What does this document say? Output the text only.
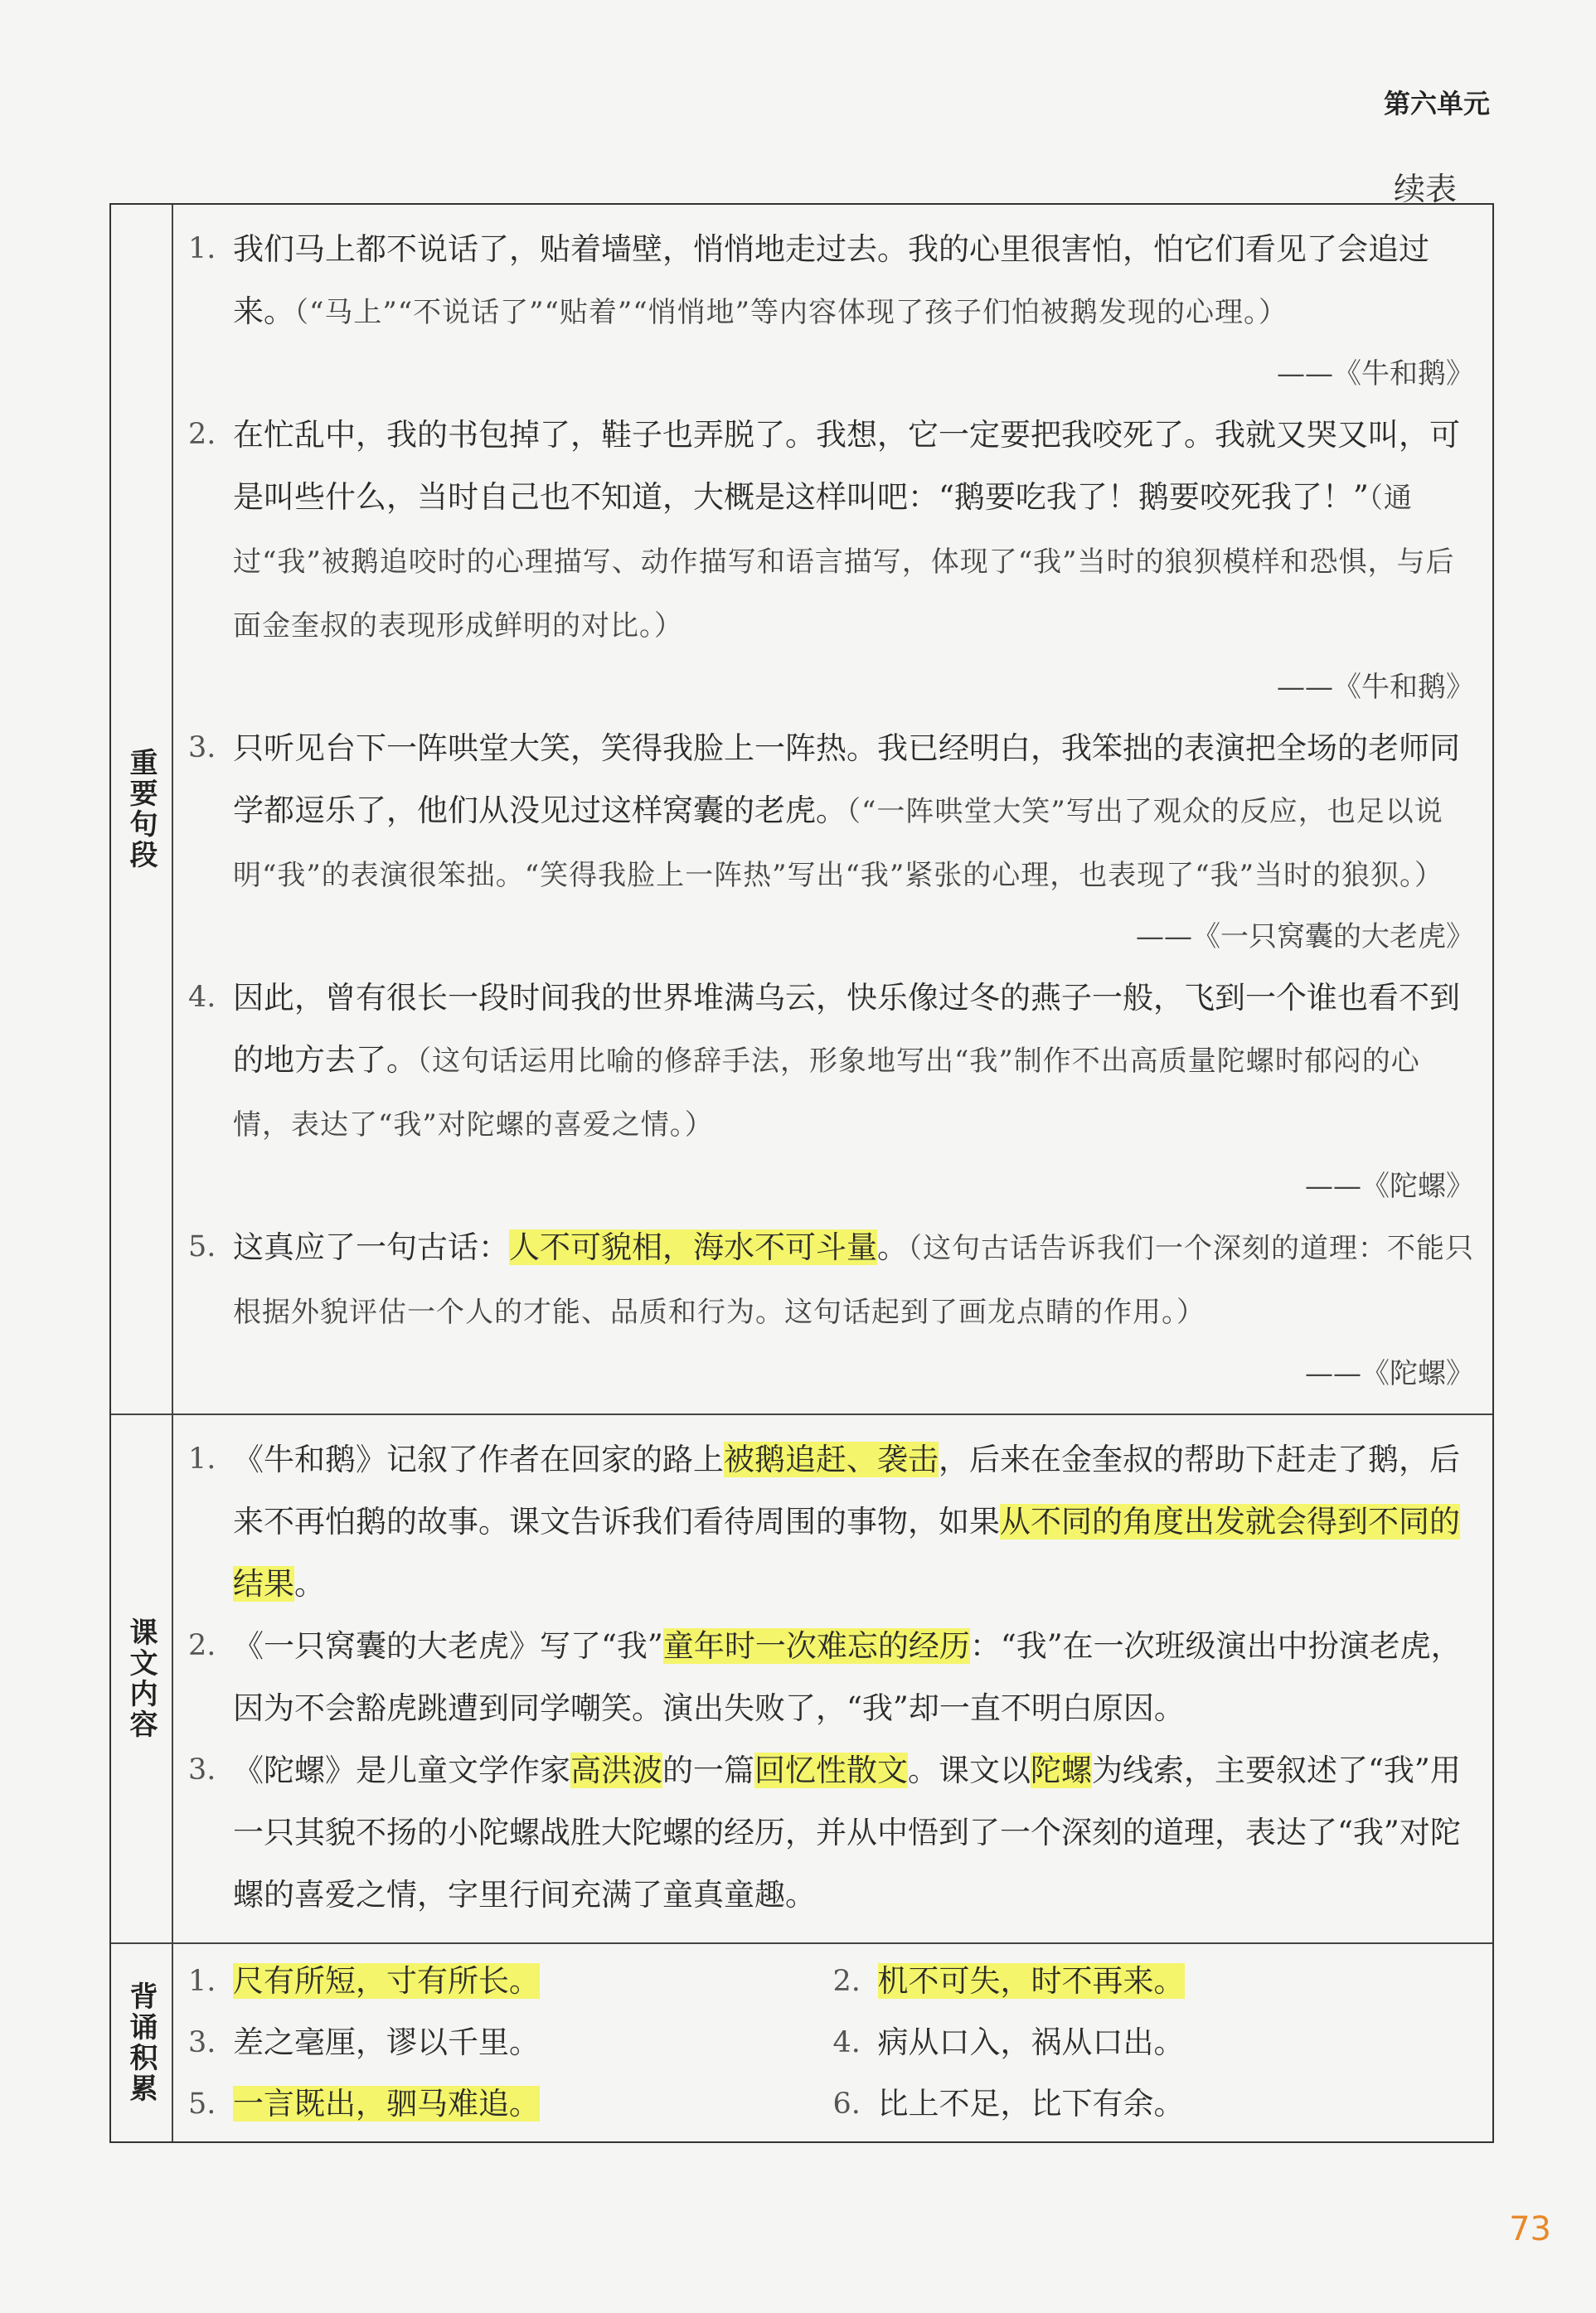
第六单元
续表
重要句段
1. 我们马上都不说话了，贴着墙壁，悄悄地走过去。我的心里很害怕，怕它们看见了会追过来。（“马上”“不说话了”“贴着”“悄悄地”等内容体现了孩子们怕被鹅发现的心理。）
——《牛和鹅》
2. 在忙乱中，我的书包掉了，鞋子也弄脱了。我想，它一定要把我咬死了。我就又哭又叫，可是叫些什么，当时自己也不知道，大概是这样叫吧：“鹅要吃我了！鹅要咬死我了！”（通过“我”被鹅追咬时的心理描写、动作描写和语言描写，体现了“我”当时的狼狈模样和恐惧，与后面金奎叔的表现形成鲜明的对比。）
——《牛和鹅》
3. 只听见台下一阵哄堂大笑，笑得我脸上一阵热。我已经明白，我笨拙的表演把全场的老师同学都逗乐了，他们从没见过这样窝囊的老虎。（“一阵哄堂大笑”写出了观众的反应，也足以说明“我”的表演很笨拙。“笑得我脸上一阵热”写出“我”紧张的心理，也表现了“我”当时的狼狈。）
——《一只窝囊的大老虎》
4. 因此，曾有很长一段时间我的世界堆满乌云，快乐像过冬的燕子一般，飞到一个谁也看不到的地方去了。（这句话运用比喻的修辞手法，形象地写出“我”制作不出高质量陀螺时郁闷的心情，表达了“我”对陀螺的喜爱之情。）
——《陀螺》
5. 这真应了一句古话：人不可貌相，海水不可斗量。（这句古话告诉我们一个深刻的道理：不能只根据外貌评估一个人的才能、品质和行为。这句话起到了画龙点睛的作用。）
——《陀螺》
课文内容
1. 《牛和鹅》记叙了作者在回家的路上被鹅追赶、袭击，后来在金奎叔的帮助下赶走了鹅，后来不再怕鹅的故事。课文告诉我们看待周围的事物，如果从不同的角度出发就会得到不同的结果。
2. 《一只窝囊的大老虎》写了“我”童年时一次难忘的经历：“我”在一次班级演出中扮演老虎，因为不会豁虎跳遭到同学嘲笑。演出失败了，“我”却一直不明白原因。
3. 《陀螺》是儿童文学作家高洪波的一篇回忆性散文。课文以陀螺为线索，主要叙述了“我”用一只其貌不扬的小陀螺战胜大陀螺的经历，并从中悟到了一个深刻的道理，表达了“我”对陀螺的喜爱之情，字里行间充满了童真童趣。
背诵积累 1. 尺有所短，寸有所长。	2. 机不可失，时不再来。
3. 差之毫厘，谬以千里。	4. 病从口入，祸从口出。
5. 一言既出，驷马难追。	6. 比上不足，比下有余。
73
